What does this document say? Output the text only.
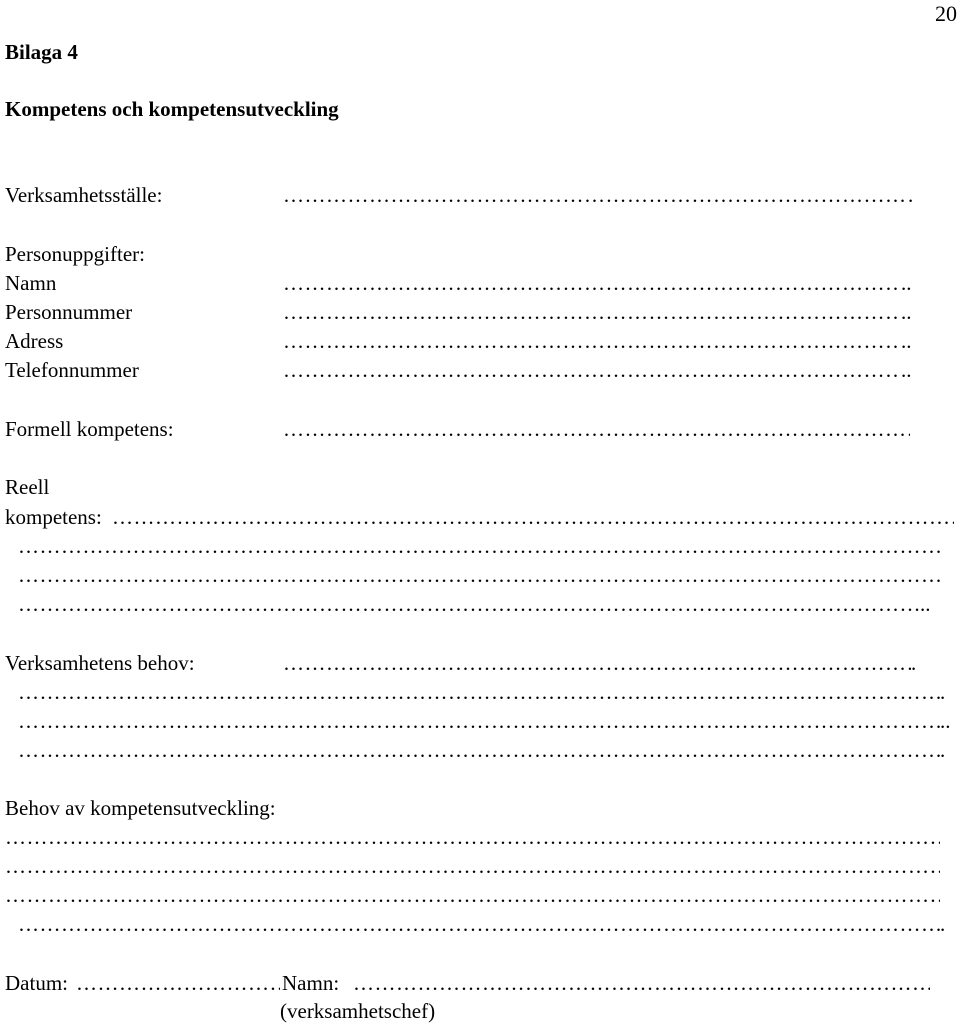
20
Bilaga 4
Kompetens och kompetensutveckling
Verksamhetsställe: ……………………………………………………………………………………………………………………………………………………………………………………………………………………………………	.
Personuppgifter:
Namn ……………………………………………………………………………………………………………………………………………………………………………………………………………………………………	..
Personnummer ……………………………………………………………………………………………………………………………………………………………………………………………………………………………………	..
Adress ……………………………………………………………………………………………………………………………………………………………………………………………………………………………………	..
Telefonnummer ……………………………………………………………………………………………………………………………………………………………………………………………………………………………………	..
Formell kompetens:
……………………………………………………………………………………………………………………………………………………………………………………………………………………………………
Reell
kompetens:
……………………………………………………………………………………………………………………………………………………………………………………………………………………………………
……………………………………………………………………………………………………………………………………………………………………………………………………………………………………
……………………………………………………………………………………………………………………………………………………………………………………………………………………………………
……………………………………………………………………………………………………………………………………………………………………………………………………………………………………
..
Verksamhetens behov: ……………………………………………………………………………………………………………………………………………………………………………………………………………………………………	.
……………………………………………………………………………………………………………………………………………………………………………………………………………………………………
.
……………………………………………………………………………………………………………………………………………………………………………………………………………………………………
..
……………………………………………………………………………………………………………………………………………………………………………………………………………………………………
.
Behov av kompetensutveckling:
……………………………………………………………………………………………………………………………………………………………………………………………………………………………………
……………………………………………………………………………………………………………………………………………………………………………………………………………………………………
……………………………………………………………………………………………………………………………………………………………………………………………………………………………………
……………………………………………………………………………………………………………………………………………………………………………………………………………………………………
.
Datum: ……………………………………………………………………………………………………………………………………………………………………………………………………………………………………	Namn:
……………………………………………………………………………………………………………………………………………………………………………………………………………………………………
(verksamhetschef)
